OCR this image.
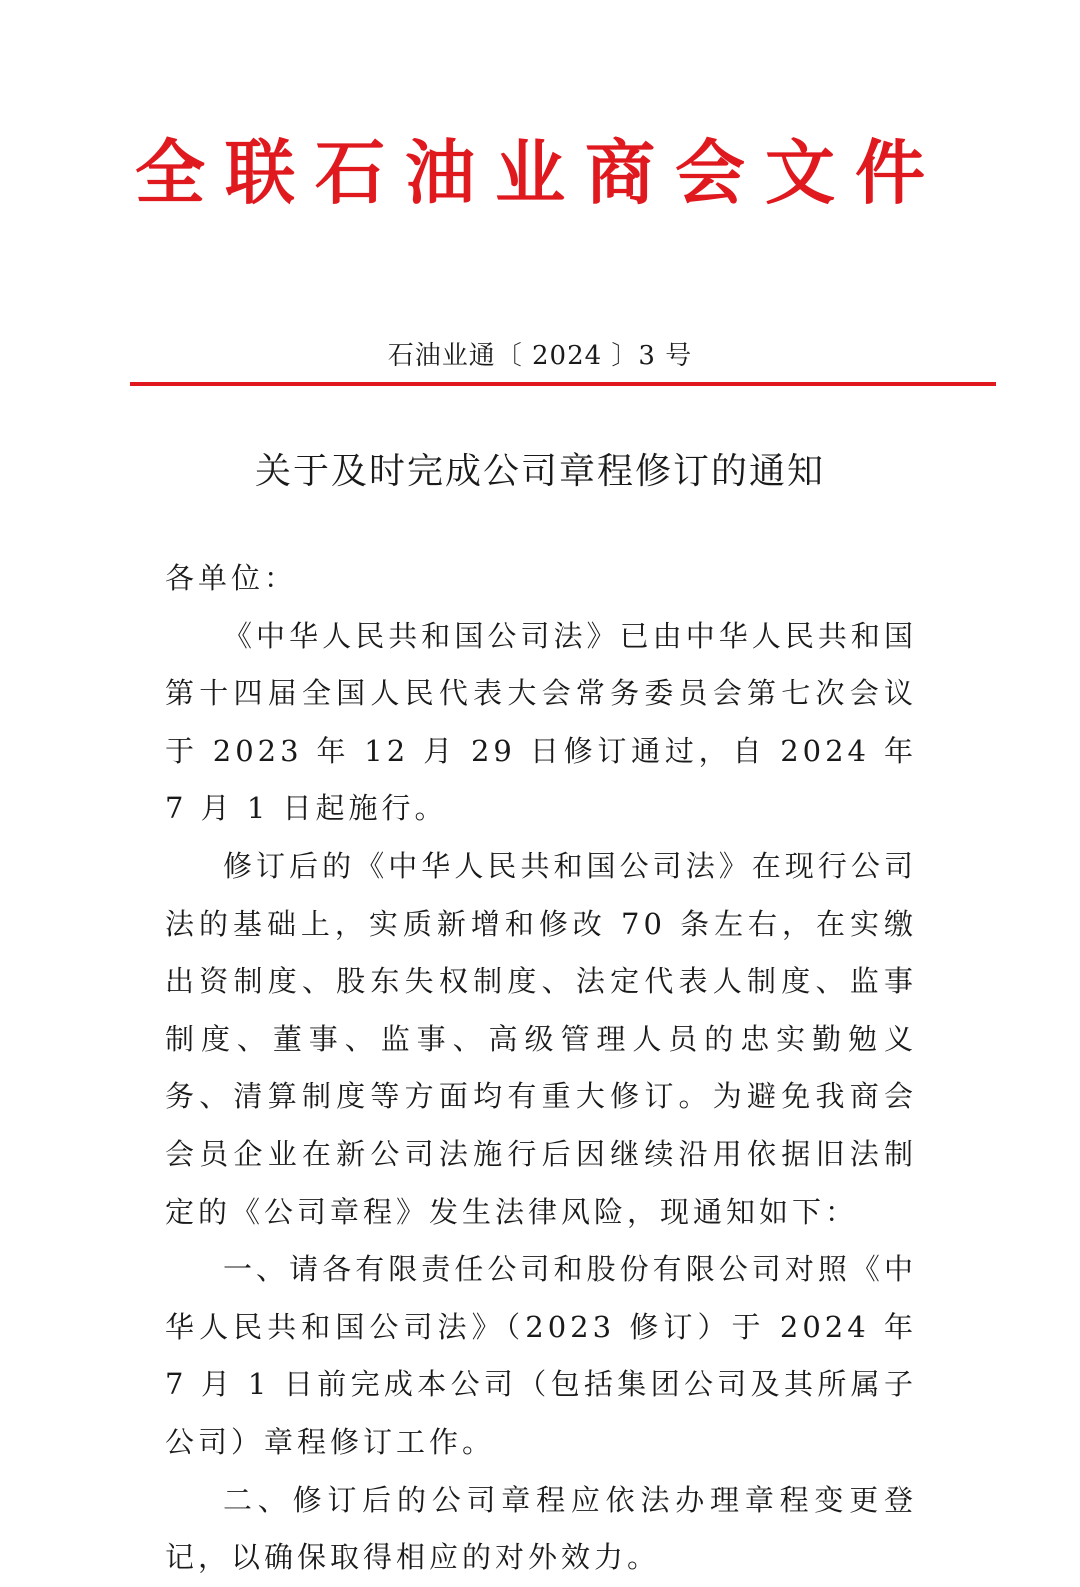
全联石油业商会文件
石油业通〔 2024 〕3 号
关于及时完成公司章程修订的通知

各单位：

《中华人民共和国公司法》已由中华人民共和国第十四届全国人民代表大会常务委员会第七次会议于 2023 年 12 月 29 日修订通过，自 2024 年 7 月 1 日起施行。

修订后的《中华人民共和国公司法》在现行公司法的基础上，实质新增和修改 70 条左右，在实缴出资制度、股东失权制度、法定代表人制度、监事制度、董事、监事、高级管理人员的忠实勤勉义务、清算制度等方面均有重大修订。为避免我商会会员企业在新公司法施行后因继续沿用依据旧法制定的《公司章程》发生法律风险，现通知如下：

一、请各有限责任公司和股份有限公司对照《中华人民共和国公司法》（2023 修订）于 2024 年 7 月 1 日前完成本公司（包括集团公司及其所属子公司）章程修订工作。

二、修订后的公司章程应依法办理章程变更登记，以确保取得相应的对外效力。
